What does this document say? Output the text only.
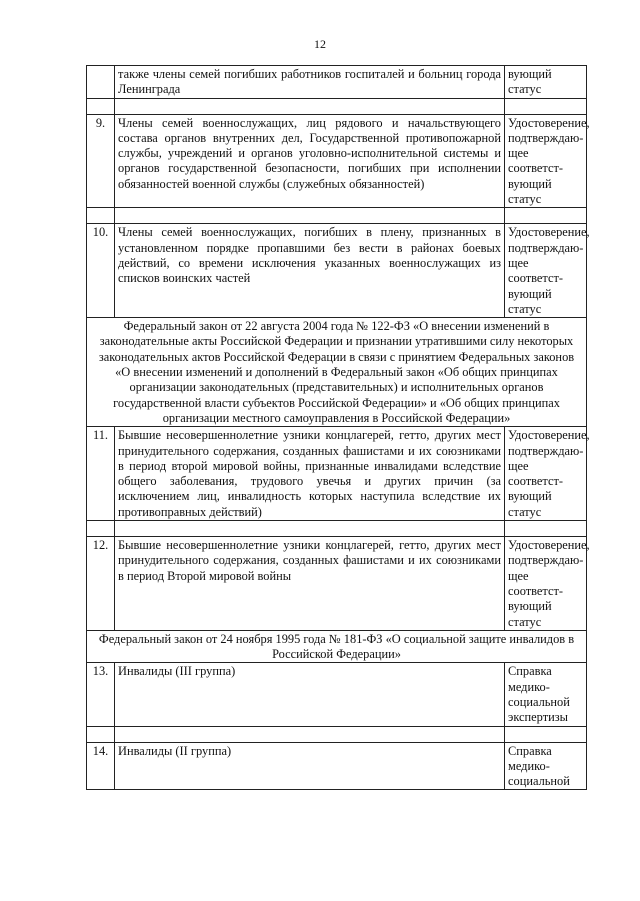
12
	также члены семей погибших работников госпиталей и больниц города Ленинграда	вующий
статус

9.	Члены семей военнослужащих, лиц рядового и начальствующего состава органов внутренних дел, Государственной противопожарной службы, учреждений и органов уголовно-исполнительной системы и органов государственной безопасности, погибших при исполнении обязанностей военной службы (служебных обязанностей)	Удостоверение, подтверждаю-щее соответст-вующий
статус

10.	Члены семей военнослужащих, погибших в плену, признанных в установленном порядке пропавшими без вести в районах боевых действий, со времени исключения указанных военнослужащих из списков воинских частей	Удостоверение, подтверждаю-щее соответст-вующий
статус
Федеральный закон от 22 августа 2004 года № 122-ФЗ «О внесении изменений в законодательные акты Российской Федерации и признании утратившими силу некоторых законодательных актов Российской Федерации в связи с принятием Федеральных законов «О внесении изменений и дополнений в Федеральный закон «Об общих принципах организации законодательных (представительных) и исполнительных органов государственной власти субъектов Российской Федерации» и «Об общих принципах организации местного самоуправления в Российской Федерации»		
11.	Бывшие несовершеннолетние узники концлагерей, гетто, других мест принудительного содержания, созданных фашистами и их союзниками в период второй мировой войны, признанные инвалидами вследствие общего заболевания, трудового увечья и других причин (за исключением лиц, инвалидность которых наступила вследствие их противоправных действий)	Удостоверение, подтверждаю-щее соответст-вующий
статус

12.	Бывшие несовершеннолетние узники концлагерей, гетто, других мест принудительного содержания, созданных фашистами и их союзниками в период Второй мировой войны	Удостоверение, подтверждаю-щее соответст-вующий
статус
Федеральный закон от 24 ноября 1995 года № 181-ФЗ «О социальной защите инвалидов в Российской Федерации»		
13.	Инвалиды (III группа)	Справка
медико-
социальной
экспертизы

14.	Инвалиды (II группа)	Справка
медико-
социальной
